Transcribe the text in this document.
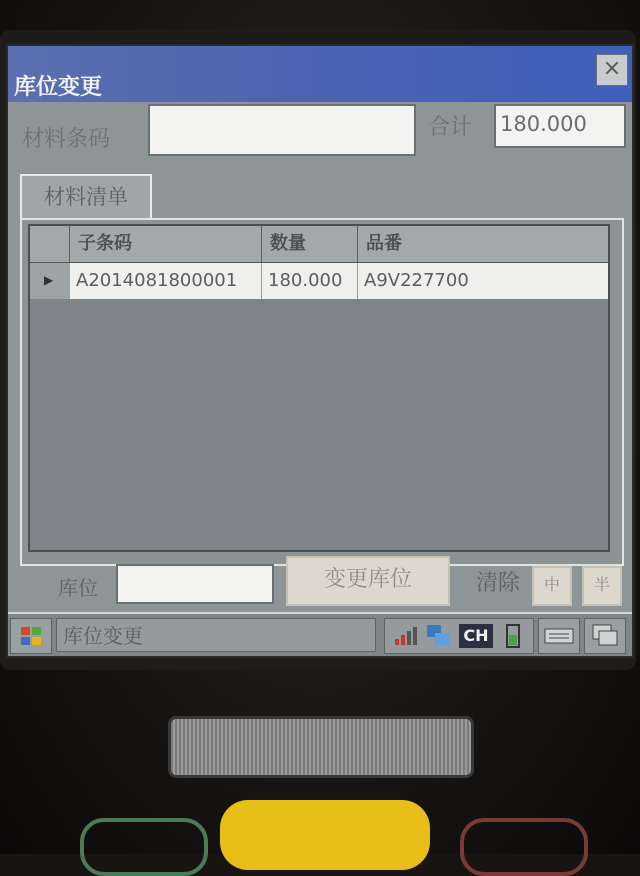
库位变更
×
材料条码	合计 180.000
材料清单
子条码	数量	品番
▶	A2014081800001	180.000	A9V227700
库位	变更库位	清除	中	半
库位变更	CH
